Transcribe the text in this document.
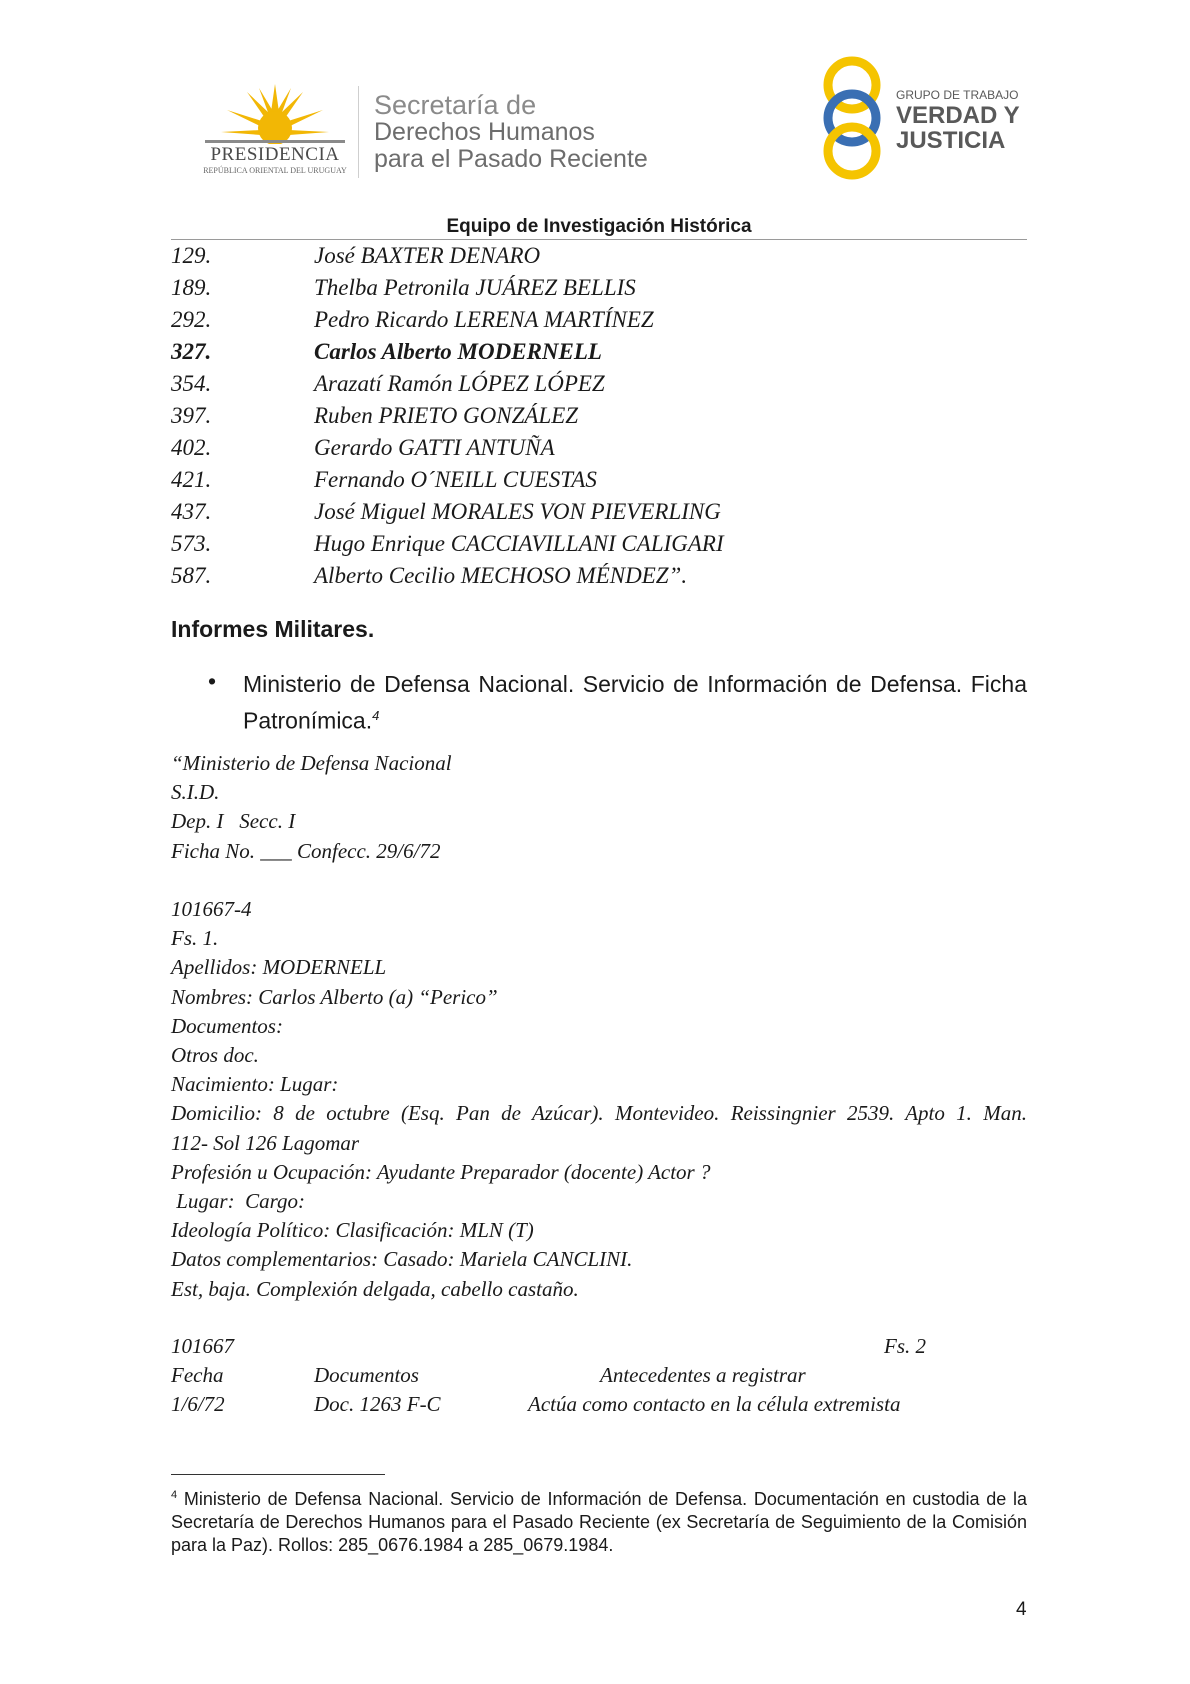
PRESIDENCIA
REPÚBLICA ORIENTAL DEL URUGUAY
Secretaría de
Derechos Humanos
para el Pasado Reciente
GRUPO DE TRABAJO
VERDAD Y
JUSTICIA
Equipo de Investigación Histórica
129.	José BAXTER DENARO
189.	Thelba Petronila JUÁREZ BELLIS
292.	Pedro Ricardo LERENA MARTÍNEZ
327.	Carlos Alberto MODERNELL
354.	Arazatí Ramón LÓPEZ LÓPEZ
397.	Ruben PRIETO GONZÁLEZ
402.	Gerardo GATTI ANTUÑA
421.	Fernando O´NEILL CUESTAS
437.	José Miguel MORALES VON PIEVERLING
573.	Hugo Enrique CACCIAVILLANI CALIGARI
587.	Alberto Cecilio MECHOSO MÉNDEZ”.
Informes Militares.
• Ministerio de Defensa Nacional. Servicio de Información de Defensa. Ficha Patronímica.$^4$

“Ministerio de Defensa Nacional

S.I.D.

Dep. I   Secc. I

Ficha No. ___ Confecc. 29/6/72

101667-4

Fs. 1.

Apellidos: MODERNELL

Nombres: Carlos Alberto (a) “Perico”

Documentos:

Otros doc.

Nacimiento: Lugar:

Domicilio: 8 de octubre (Esq. Pan de Azúcar). Montevideo. Reissingnier 2539. Apto 1. Man.

112- Sol 126 Lagomar

Profesión u Ocupación: Ayudante Preparador (docente) Actor ?

Lugar:  Cargo:

Ideología Político: Clasificación: MLN (T)

Datos complementarios: Casado: Mariela CANCLINI.

Est, baja. Complexión delgada, cabello castaño.

101667	Fs. 2
Fecha	Documentos	Antecedentes a registrar
1/6/72	Doc. 1263 F-C	Actúa como contacto en la célula extremista
$^4$ Ministerio de Defensa Nacional. Servicio de Información de Defensa. Documentación en custodia de la Secretaría de Derechos Humanos para el Pasado Reciente (ex Secretaría de Seguimiento de la Comisión para la Paz). Rollos: 285_0676.1984 a 285_0679.1984.
4
